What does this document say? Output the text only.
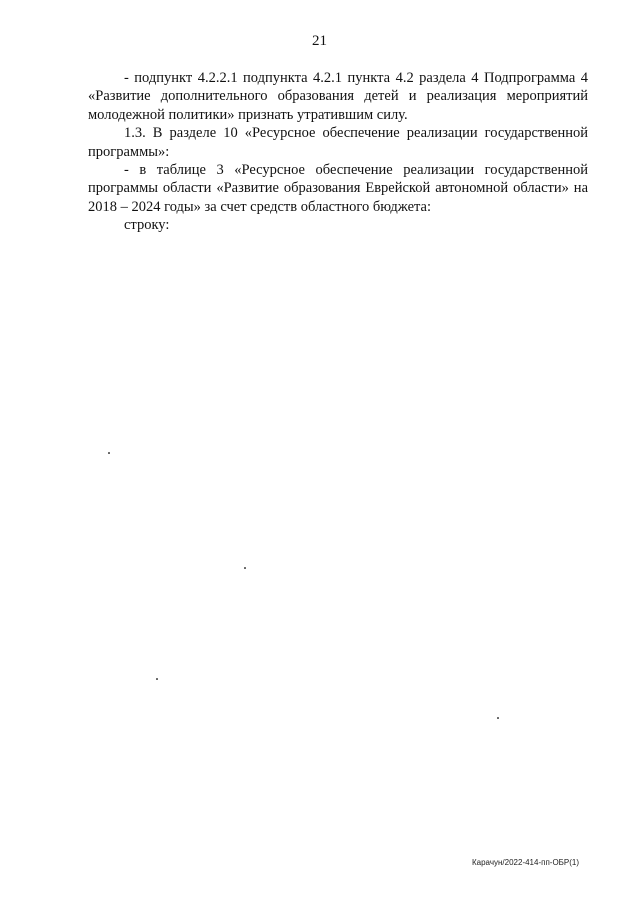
21

- подпункт 4.2.2.1 подпункта 4.2.1 пункта 4.2 раздела 4 Подпрограмма 4 «Развитие дополнительного образования детей и реализация мероприятий молодежной политики» признать утратившим силу.

1.3. В разделе 10 «Ресурсное обеспечение реализации государственной программы»:

- в таблице 3 «Ресурсное обеспечение реализации государственной программы области «Развитие образования Еврейской автономной области» на 2018 – 2024 годы» за счет средств областного бюджета:

строку:

Карачун/2022-414-пп-ОБР(1)
